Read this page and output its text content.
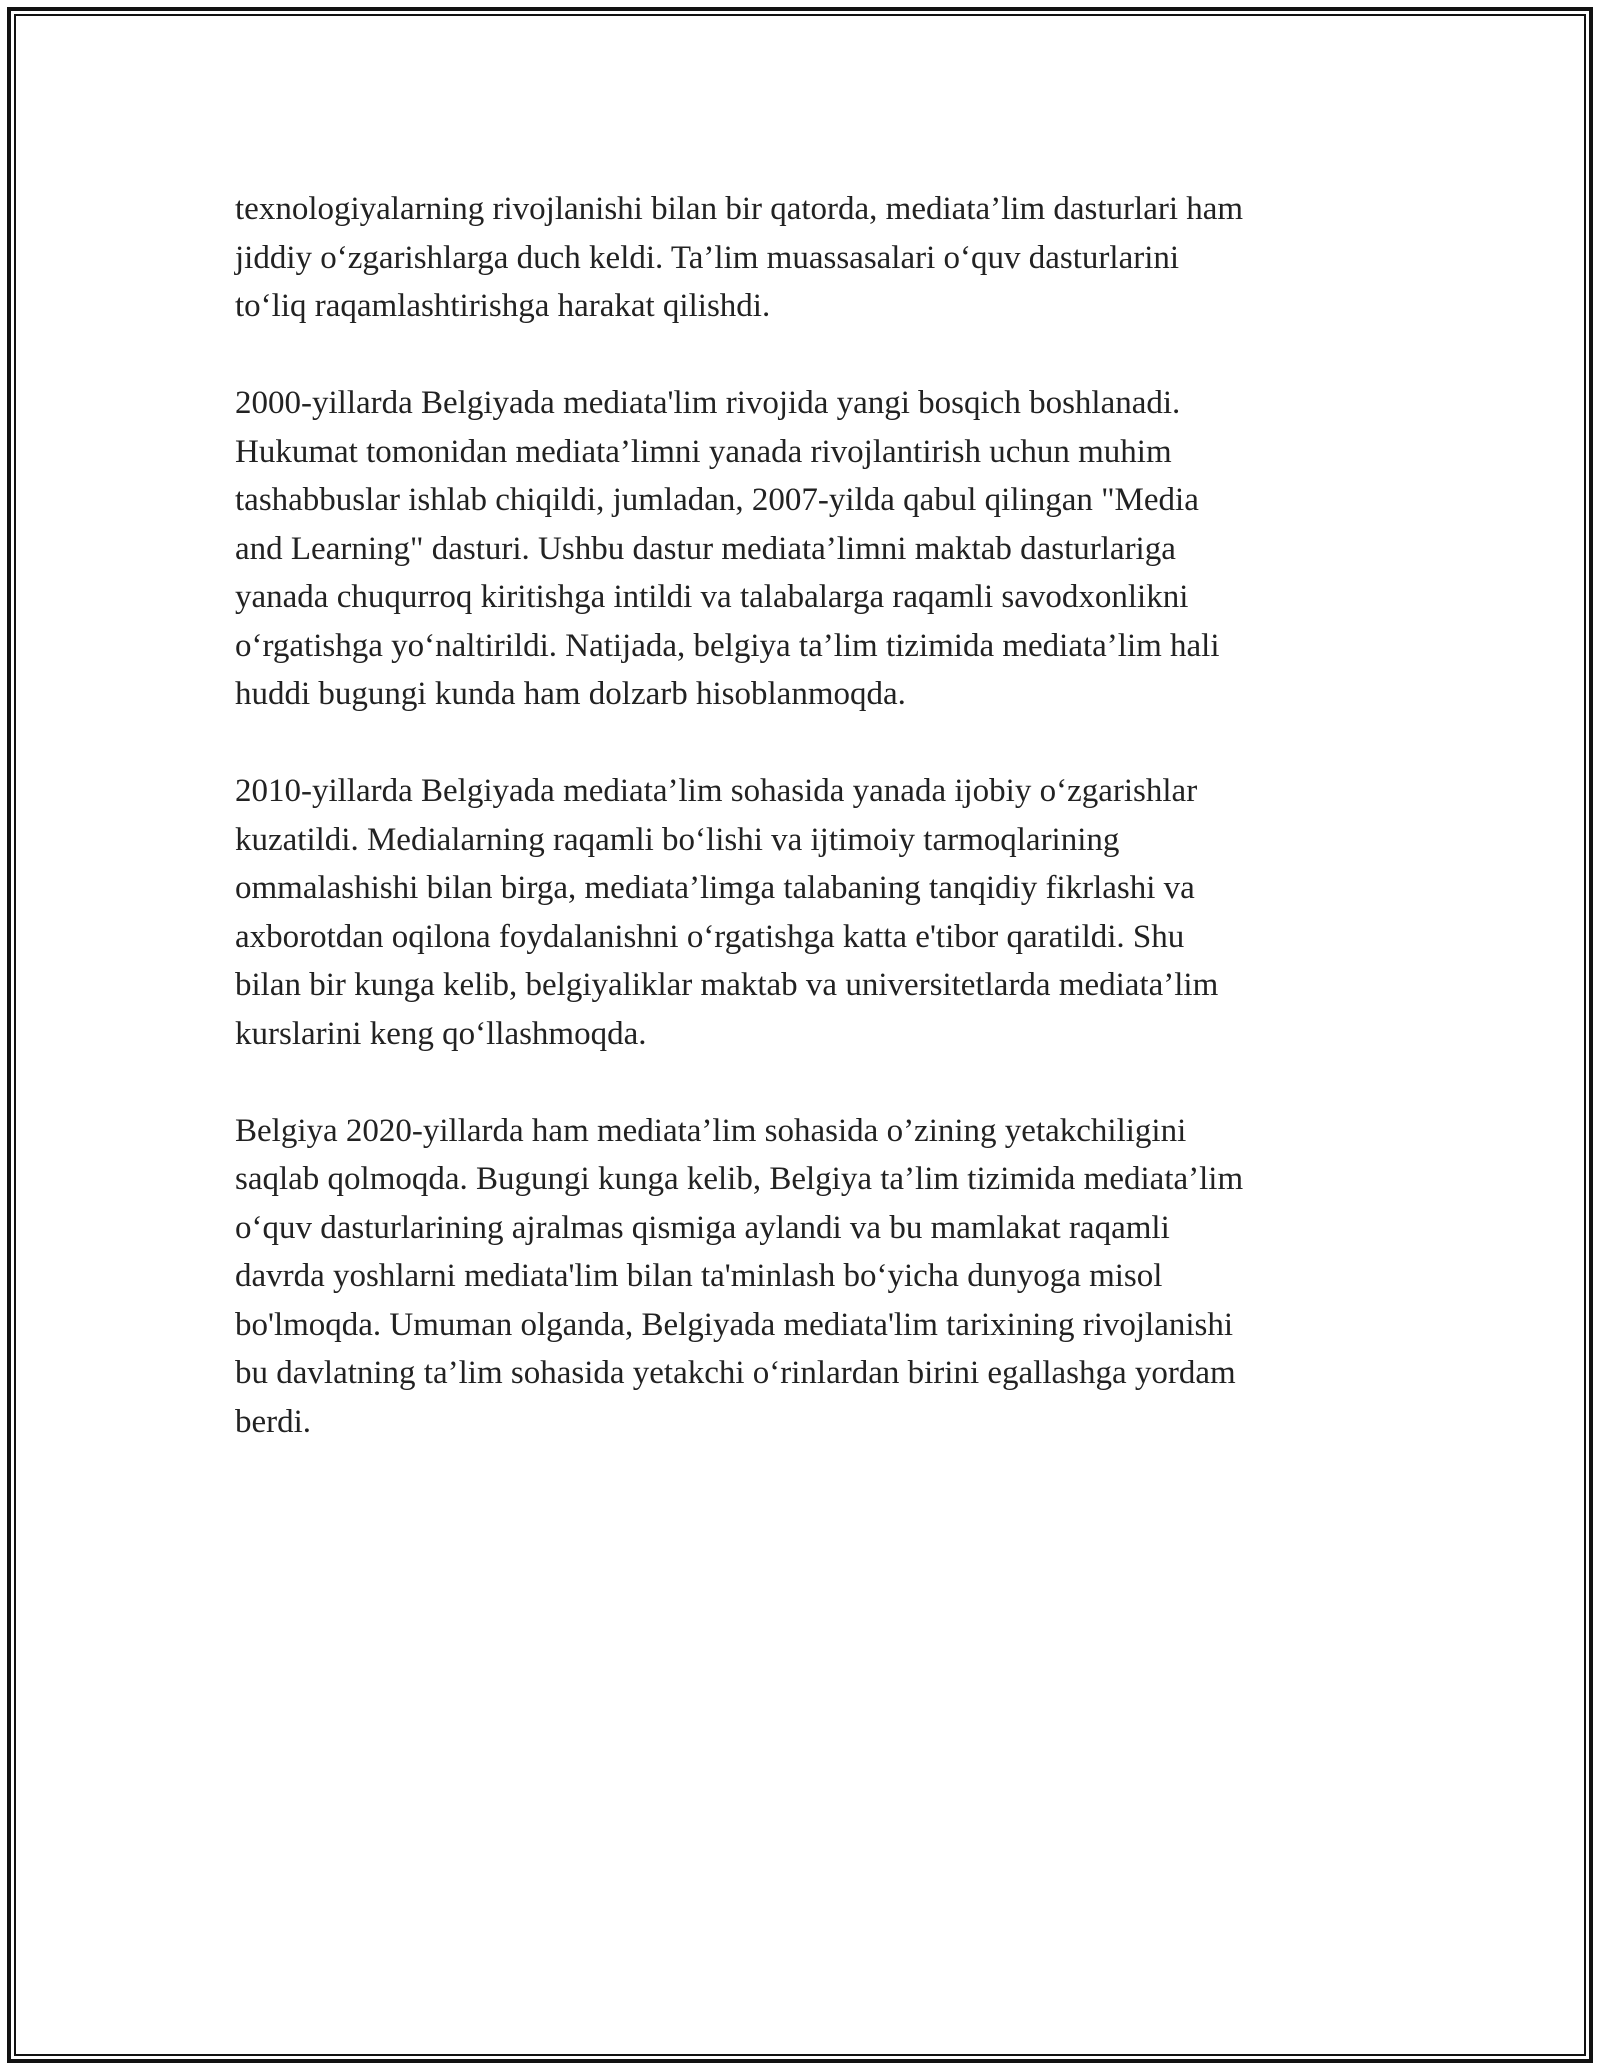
texnologiyalarning rivojlanishi bilan bir qatorda, mediata’lim dasturlari ham
jiddiy o‘zgarishlarga duch keldi. Ta’lim muassasalari o‘quv dasturlarini
to‘liq raqamlashtirishga harakat qilishdi.

2000-yillarda Belgiyada mediata'lim rivojida yangi bosqich boshlanadi.
Hukumat tomonidan mediata’limni yanada rivojlantirish uchun muhim
tashabbuslar ishlab chiqildi, jumladan, 2007-yilda qabul qilingan "Media
and Learning" dasturi. Ushbu dastur mediata’limni maktab dasturlariga
yanada chuqurroq kiritishga intildi va talabalarga raqamli savodxonlikni
o‘rgatishga yo‘naltirildi. Natijada, belgiya ta’lim tizimida mediata’lim hali
huddi bugungi kunda ham dolzarb hisoblanmoqda.

2010-yillarda Belgiyada mediata’lim sohasida yanada ijobiy o‘zgarishlar
kuzatildi. Medialarning raqamli bo‘lishi va ijtimoiy tarmoqlarining
ommalashishi bilan birga, mediata’limga talabaning tanqidiy fikrlashi va
axborotdan oqilona foydalanishni o‘rgatishga katta e'tibor qaratildi. Shu
bilan bir kunga kelib, belgiyaliklar maktab va universitetlarda mediata’lim
kurslarini keng qo‘llashmoqda.

Belgiya 2020-yillarda ham mediata’lim sohasida o’zining yetakchiligini
saqlab qolmoqda. Bugungi kunga kelib, Belgiya ta’lim tizimida mediata’lim
o‘quv dasturlarining ajralmas qismiga aylandi va bu mamlakat raqamli
davrda yoshlarni mediata'lim bilan ta'minlash bo‘yicha dunyoga misol
bo'lmoqda. Umuman olganda, Belgiyada mediata'lim tarixining rivojlanishi
bu davlatning ta’lim sohasida yetakchi o‘rinlardan birini egallashga yordam
berdi.
